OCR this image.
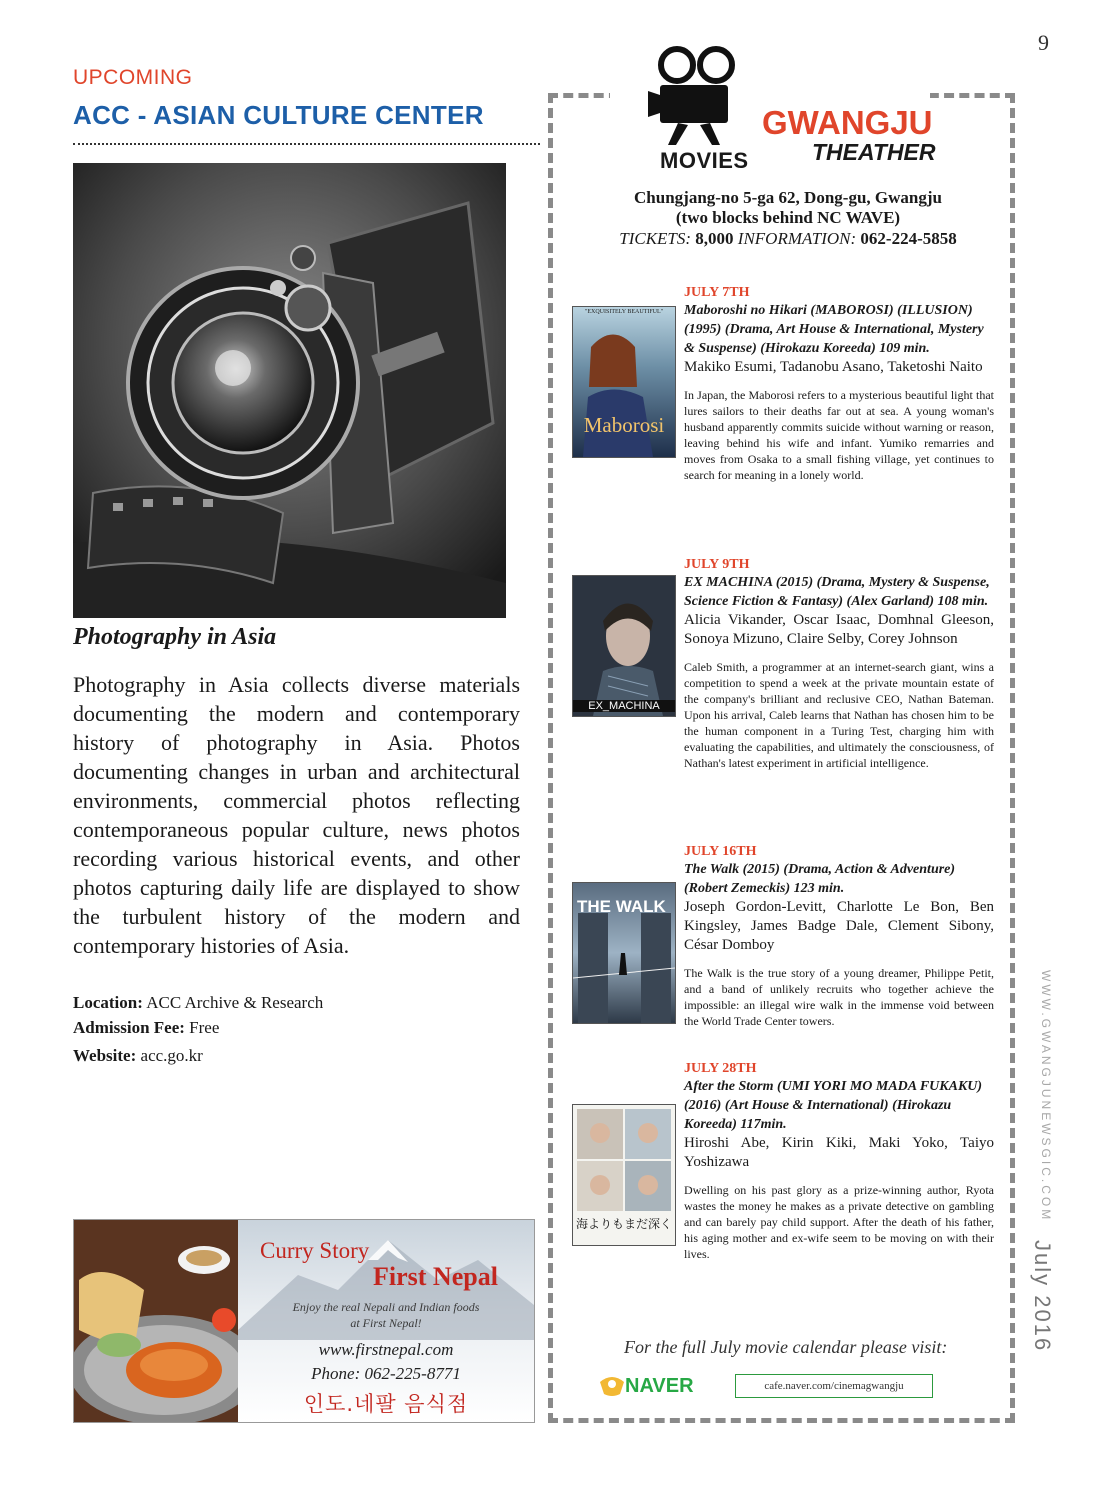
9
UPCOMING
ACC - ASIAN CULTURE CENTER
Photography in Asia
Photography in Asia collects diverse materials documenting the modern and contemporary history of photography in Asia. Photos documenting changes in urban and architectural environments, commercial photos reflecting contemporaneous popular culture, news photos recording various historical events, and other photos capturing daily life are displayed to show the turbulent history of the modern and contemporary histories of Asia.
Location: ACC Archive & Research
Admission Fee: Free
Website: acc.go.kr
Curry Story
First Nepal
Enjoy the real Nepali and Indian foods
at First Nepal!
www.firstnepal.com
Phone: 062-225-8771
인도.네팔 음식점
MOVIES
GWANGJU
THEATHER
Chungjang-no 5-ga 62, Dong-gu, Gwangju
(two blocks behind NC WAVE)
TICKETS: 8,000 INFORMATION: 062-224-5858
"EXQUISITELY BEAUTIFUL"
Maborosi
JULY 7TH
Maboroshi no Hikari (MABOROSI) (ILLUSION) (1995) (Drama, Art House & International, Mystery & Suspense) (Hirokazu Koreeda) 109 min.
Makiko Esumi, Tadanobu Asano, Taketoshi Naito
In Japan, the Maborosi refers to a mysterious beautiful light that lures sailors to their deaths far out at sea. A young woman's husband apparently commits suicide without warning or reason, leaving behind his wife and infant. Yumiko remarries and moves from Osaka to a small fishing village, yet continues to search for meaning in a lonely world.
EX_MACHINA
JULY 9TH
EX MACHINA (2015) (Drama, Mystery & Suspense, Science Fiction & Fantasy) (Alex Garland) 108 min.
Alicia Vikander, Oscar Isaac, Domhnal Gleeson, Sonoya Mizuno, Claire Selby, Corey Johnson
Caleb Smith, a programmer at an internet-search giant, wins a competition to spend a week at the private mountain estate of the company's brilliant and reclusive CEO, Nathan Bateman. Upon his arrival, Caleb learns that Nathan has chosen him to be the human component in a Turing Test, charging him with evaluating the capabilities, and ultimately the consciousness, of Nathan's latest experiment in artificial intelligence.
THE WALK
JULY 16TH
The Walk (2015) (Drama, Action & Adventure) (Robert Zemeckis) 123 min.
Joseph Gordon-Levitt, Charlotte Le Bon, Ben Kingsley, James Badge Dale, Clement Sibony, César Domboy
The Walk is the true story of a young dreamer, Philippe Petit, and a band of unlikely recruits who together achieve the impossible: an illegal wire walk in the immense void between the World Trade Center towers.
海よりもまだ深く
JULY 28TH
After the Storm (UMI YORI MO MADA FUKAKU) (2016) (Art House & International) (Hirokazu Koreeda) 117min.
Hiroshi Abe, Kirin Kiki, Maki Yoko, Taiyo Yoshizawa
Dwelling on his past glory as a prize-winning author, Ryota wastes the money he makes as a private detective on gambling and can barely pay child support. After the death of his father, his aging mother and ex-wife seem to be moving on with their lives.
For the full July movie calendar please visit:
NAVER	cafe.naver.com/cinemagwangju
WWW.GWANGJUNEWSGIC.COM
July 2016
